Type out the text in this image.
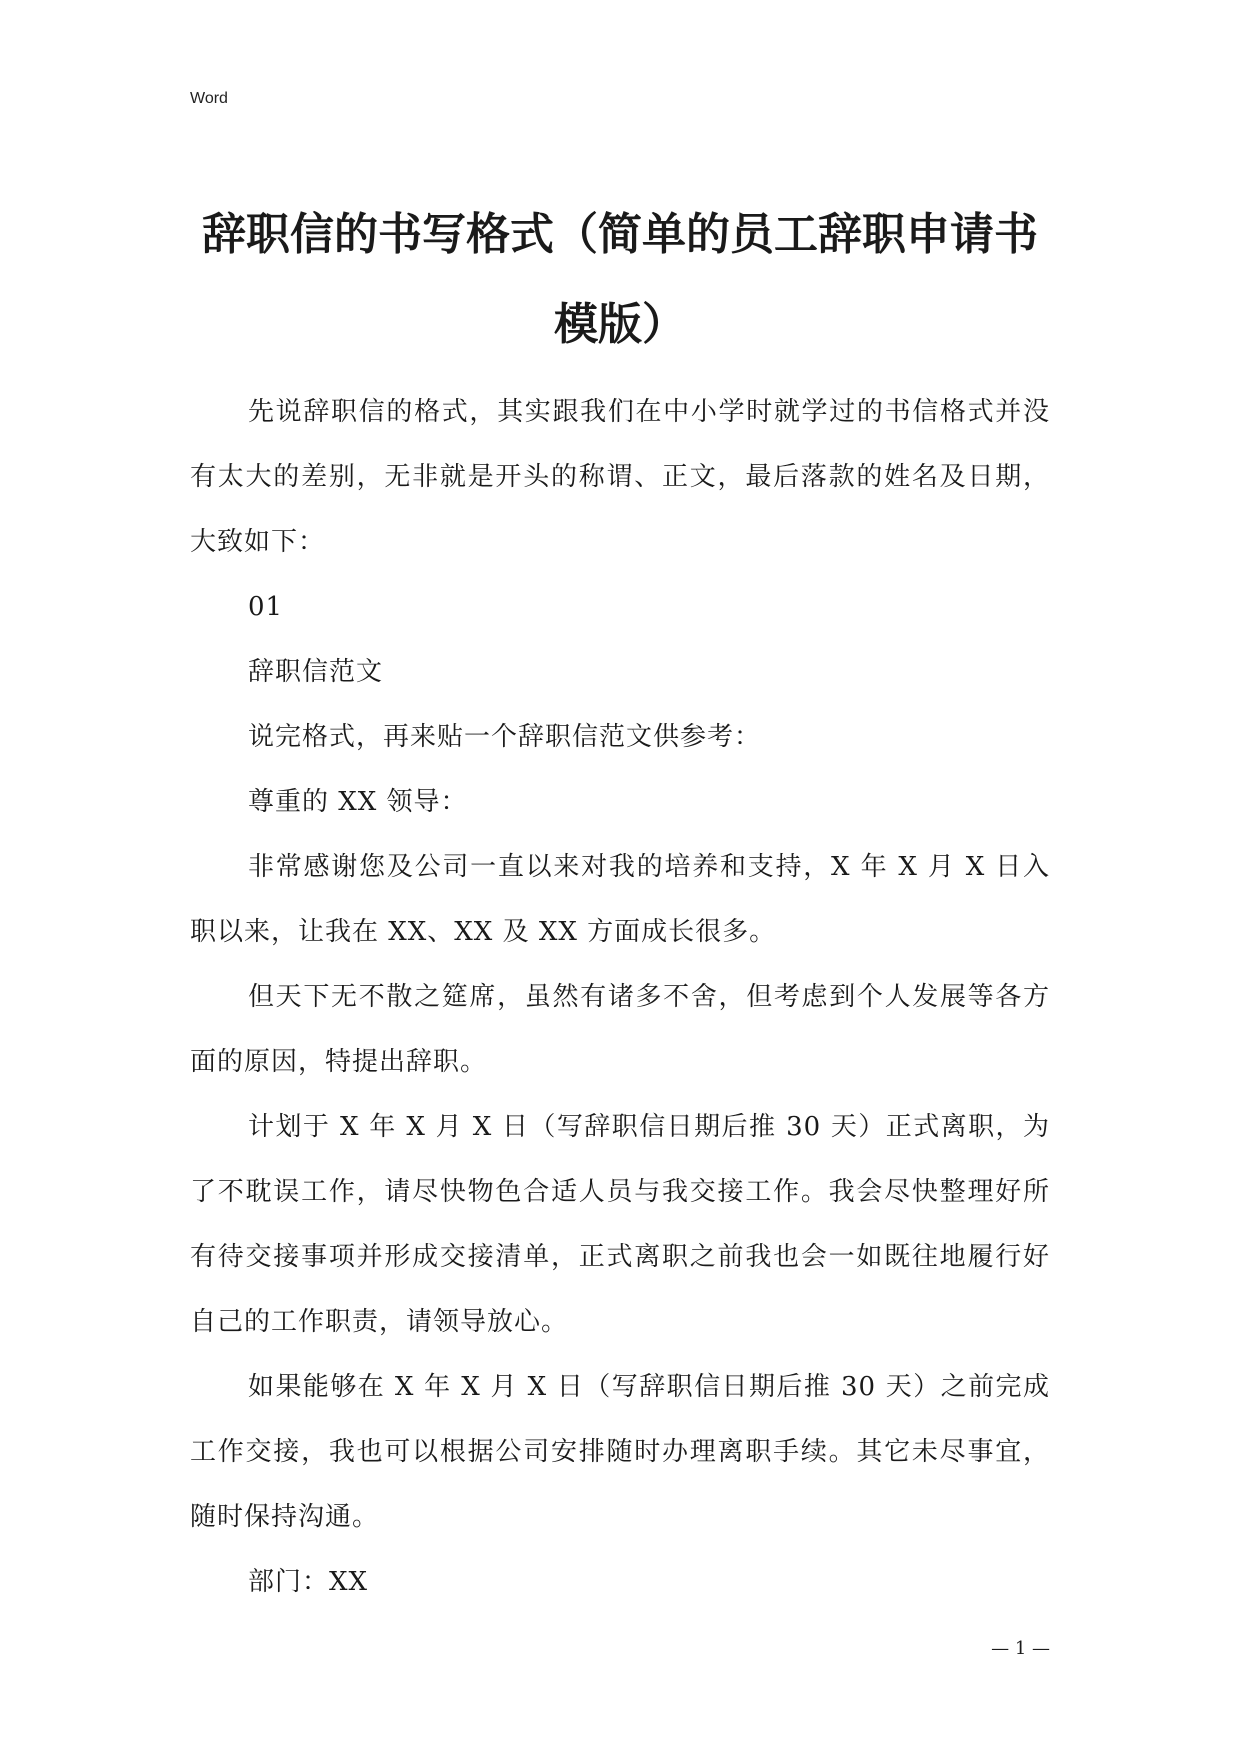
Word
辞职信的书写格式（简单的员工辞职申请书模版）

先说辞职信的格式，其实跟我们在中小学时就学过的书信格式并没有太大的差别，无非就是开头的称谓、正文，最后落款的姓名及日期，大致如下：

01

辞职信范文

说完格式，再来贴一个辞职信范文供参考：

尊重的 XX 领导：

非常感谢您及公司一直以来对我的培养和支持，X 年 X 月 X 日入职以来，让我在 XX、XX 及 XX 方面成长很多。

但天下无不散之筵席，虽然有诸多不舍，但考虑到个人发展等各方面的原因，特提出辞职。

计划于 X 年 X 月 X 日（写辞职信日期后推 30 天）正式离职，为了不耽误工作，请尽快物色合适人员与我交接工作。我会尽快整理好所有待交接事项并形成交接清单，正式离职之前我也会一如既往地履行好自己的工作职责，请领导放心。

如果能够在 X 年 X 月 X 日（写辞职信日期后推 30 天）之前完成工作交接，我也可以根据公司安排随时办理离职手续。其它未尽事宜，随时保持沟通。

部门：XX

— 1 —
